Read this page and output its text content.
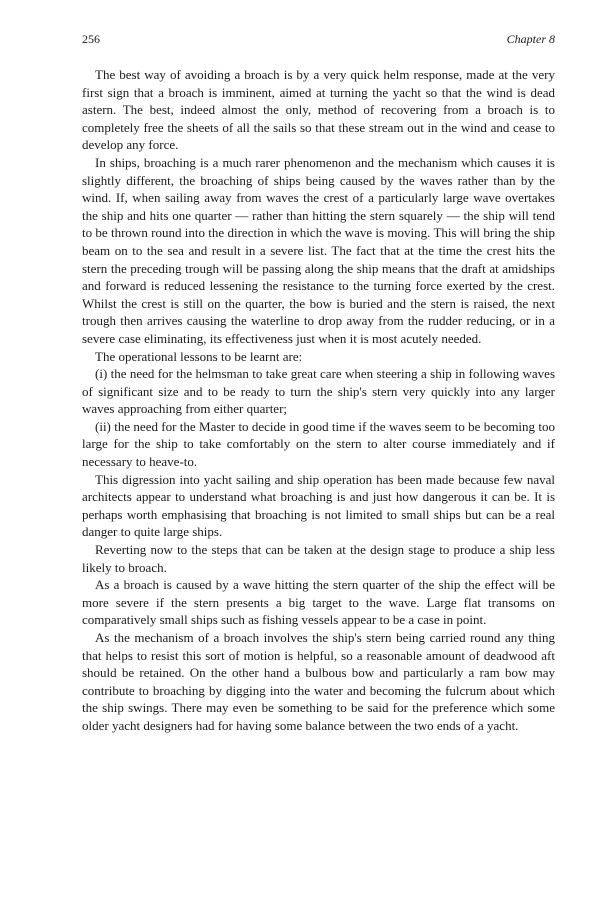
256	Chapter 8

The best way of avoiding a broach is by a very quick helm response, made at the very first sign that a broach is imminent, aimed at turning the yacht so that the wind is dead astern. The best, indeed almost the only, method of recovering from a broach is to completely free the sheets of all the sails so that these stream out in the wind and cease to develop any force.

In ships, broaching is a much rarer phenomenon and the mechanism which causes it is slightly different, the broaching of ships being caused by the waves rather than by the wind. If, when sailing away from waves the crest of a particularly large wave overtakes the ship and hits one quarter — rather than hitting the stern squarely — the ship will tend to be thrown round into the direction in which the wave is moving. This will bring the ship beam on to the sea and result in a severe list. The fact that at the time the crest hits the stern the preceding trough will be passing along the ship means that the draft at amidships and forward is reduced lessening the resistance to the turning force exerted by the crest. Whilst the crest is still on the quarter, the bow is buried and the stern is raised, the next trough then arrives causing the waterline to drop away from the rudder reducing, or in a severe case eliminating, its effectiveness just when it is most acutely needed.

The operational lessons to be learnt are:

(i) the need for the helmsman to take great care when steering a ship in following waves of significant size and to be ready to turn the ship's stern very quickly into any larger waves approaching from either quarter;

(ii) the need for the Master to decide in good time if the waves seem to be becoming too large for the ship to take comfortably on the stern to alter course immediately and if necessary to heave-to.

This digression into yacht sailing and ship operation has been made because few naval architects appear to understand what broaching is and just how dangerous it can be. It is perhaps worth emphasising that broaching is not limited to small ships but can be a real danger to quite large ships.

Reverting now to the steps that can be taken at the design stage to produce a ship less likely to broach.

As a broach is caused by a wave hitting the stern quarter of the ship the effect will be more severe if the stern presents a big target to the wave. Large flat transoms on comparatively small ships such as fishing vessels appear to be a case in point.

As the mechanism of a broach involves the ship's stern being carried round any thing that helps to resist this sort of motion is helpful, so a reasonable amount of deadwood aft should be retained. On the other hand a bulbous bow and particularly a ram bow may contribute to broaching by digging into the water and becoming the fulcrum about which the ship swings. There may even be something to be said for the preference which some older yacht designers had for having some balance between the two ends of a yacht.
